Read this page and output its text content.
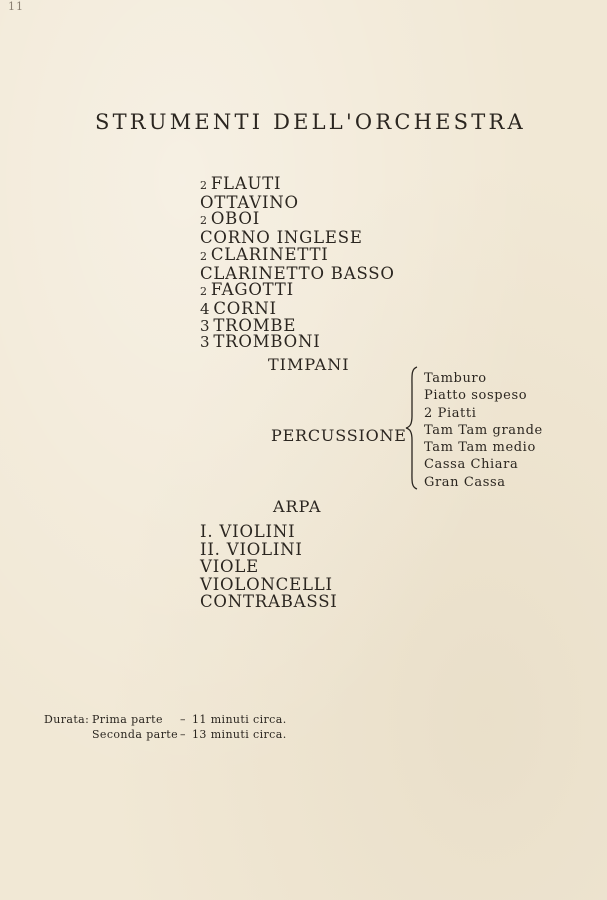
11
STRUMENTI DELL'ORCHESTRA
2 FLAUTI
OTTAVINO
2 OBOI
CORNO INGLESE
2 CLARINETTI
CLARINETTO BASSO
2 FAGOTTI
4 CORNI
3 TROMBE
3 TROMBONI
TIMPANI
PERCUSSIONE
Tamburo
Piatto sospeso
2 Piatti
Tam Tam grande
Tam Tam medio
Cassa Chiara
Gran Cassa
ARPA
I. VIOLINI
II. VIOLINI
VIOLE
VIOLONCELLI
CONTRABASSI
Durata: Prima parte – 11 minuti circa.
Seconda parte – 13 minuti circa.
